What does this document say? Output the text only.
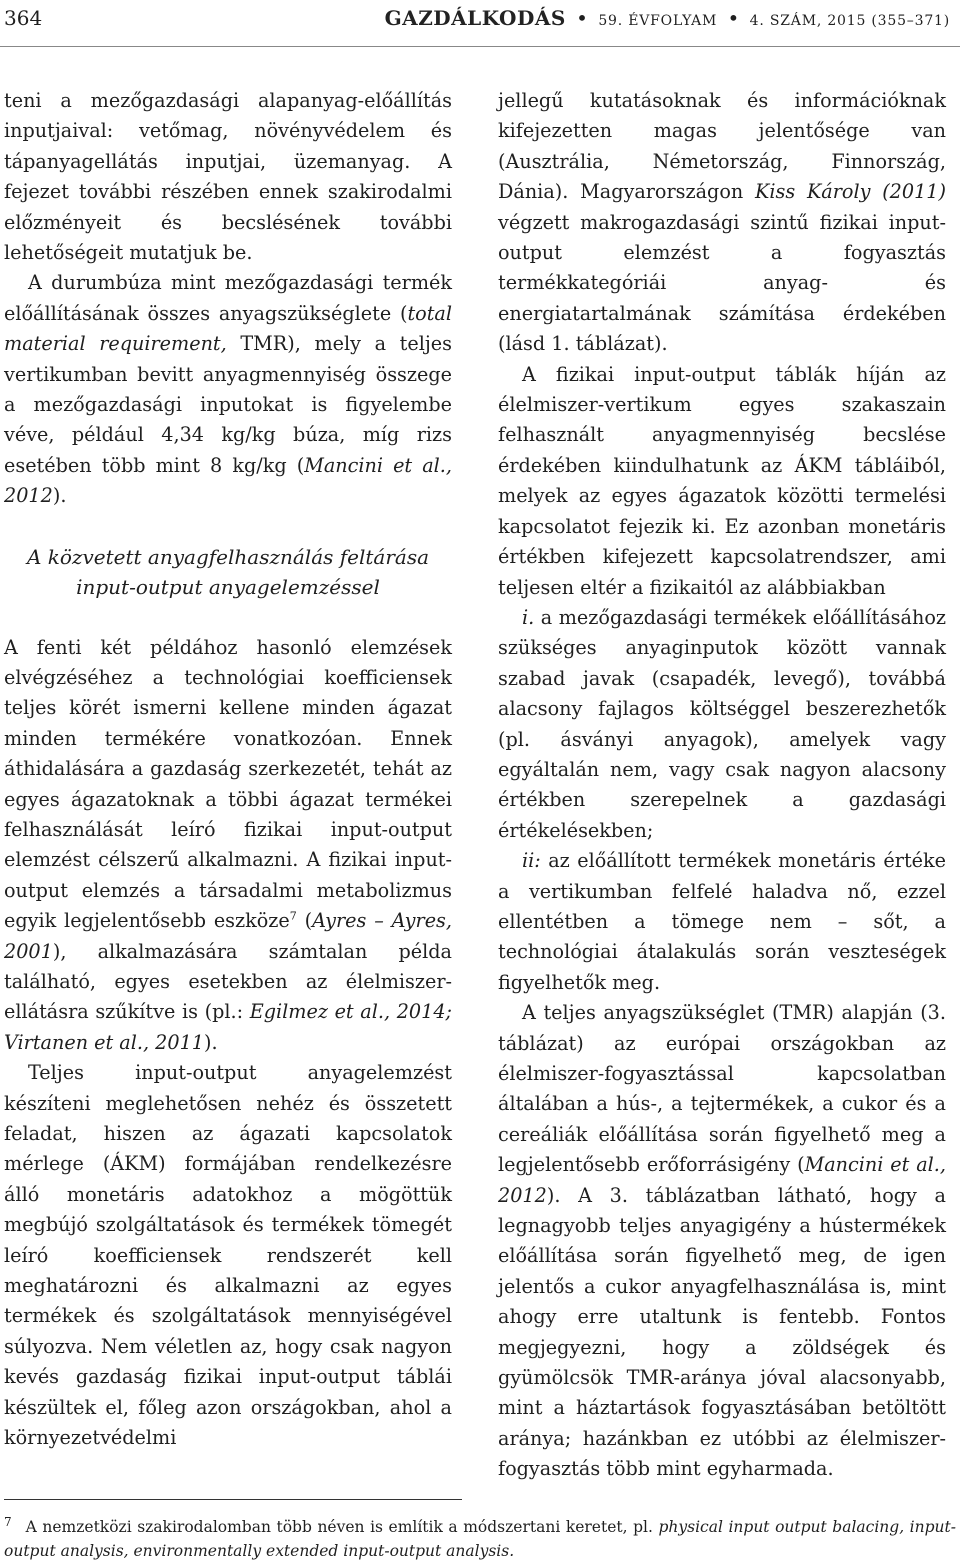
364	GAZDÁLKODÁS • 59. ÉVFOLYAM • 4. SZÁM, 2015 (355–371)

teni a mezőgazdasági alapanyag-előállítás inputjaival: vetőmag, növényvédelem és tápanyagellátás inputjai, üzemanyag. A fejezet további részében ennek szakirodalmi előzményeit és becslésének további lehetőségeit mutatjuk be.

A durumbúza mint mezőgazdasági termék előállításának összes anyagszükséglete (total material requirement, TMR), mely a teljes vertikumban bevitt anyagmennyiség összege a mezőgazdasági inputokat is figyelembe véve, például 4,34 kg/kg búza, míg rizs esetében több mint 8 kg/kg (Mancini et al., 2012).

A közvetett anyagfelhasználás feltárása
input-output anyagelemzéssel

A fenti két példához hasonló elemzések elvégzéséhez a technológiai koefficiensek teljes körét ismerni kellene minden ágazat minden termékére vonatkozóan. Ennek áthidalására a gazdaság szerkezetét, tehát az egyes ágazatoknak a többi ágazat termékei felhasználását leíró fizikai input-output elemzést célszerű alkalmazni. A fizikai input-output elemzés a társadalmi metabolizmus egyik legjelentősebb eszköze$^7$ (Ayres – Ayres, 2001), alkalmazására számtalan példa található, egyes esetekben az élelmiszer-ellátásra szűkítve is (pl.: Egilmez et al., 2014; Virtanen et al., 2011).

Teljes input-output anyagelemzést készíteni meglehetősen nehéz és összetett feladat, hiszen az ágazati kapcsolatok mérlege (ÁKM) formájában rendelkezésre álló monetáris adatokhoz a mögöttük megbújó szolgáltatások és termékek tömegét leíró koefficiensek rendszerét kell meghatározni és alkalmazni az egyes termékek és szolgáltatások mennyiségével súlyozva. Nem véletlen az, hogy csak nagyon kevés gazdaság fizikai input-output táblái készültek el, főleg azon országokban, ahol a környezetvédelmi

jellegű kutatásoknak és információknak kifejezetten magas jelentősége van (Ausztrália, Németország, Finnország, Dánia). Magyarországon Kiss Károly (2011) végzett makrogazdasági szintű fizikai input-output elemzést a fogyasztás termékkategóriái anyag- és energiatartalmának számítása érdekében (lásd 1. táblázat).

A fizikai input-output táblák híján az élelmiszer-vertikum egyes szakaszain felhasznált anyagmennyiség becslése érdekében kiindulhatunk az ÁKM tábláiból, melyek az egyes ágazatok közötti termelési kapcsolatot fejezik ki. Ez azonban monetáris értékben kifejezett kapcsolatrendszer, ami teljesen eltér a fizikaitól az alábbiakban

i. a mezőgazdasági termékek előállításához szükséges anyaginputok között vannak szabad javak (csapadék, levegő), továbbá alacsony fajlagos költséggel beszerezhetők (pl. ásványi anyagok), amelyek vagy egyáltalán nem, vagy csak nagyon alacsony értékben szerepelnek a gazdasági értékelésekben;

ii: az előállított termékek monetáris értéke a vertikumban felfelé haladva nő, ezzel ellentétben a tömege nem – sőt, a technológiai átalakulás során veszteségek figyelhetők meg.

A teljes anyagszükséglet (TMR) alapján (3. táblázat) az európai országokban az élelmiszer-fogyasztással kapcsolatban általában a hús-, a tejtermékek, a cukor és a cereáliák előállítása során figyelhető meg a legjelentősebb erőforrásigény (Mancini et al., 2012). A 3. táblázatban látható, hogy a legnagyobb teljes anyagigény a hústermékek előállítása során figyelhető meg, de igen jelentős a cukor anyagfelhasználása is, mint ahogy erre utaltunk is fentebb. Fontos megjegyezni, hogy a zöldségek és gyümölcsök TMR-aránya jóval alacsonyabb, mint a háztartások fogyasztásában betöltött aránya; hazánkban ez utóbbi az élelmiszer-fogyasztás több mint egyharmada.

$^7$ A nemzetközi szakirodalomban több néven is említik a módszertani keretet, pl. physical input output balacing, input-output analysis, environmentally extended input-output analysis.
